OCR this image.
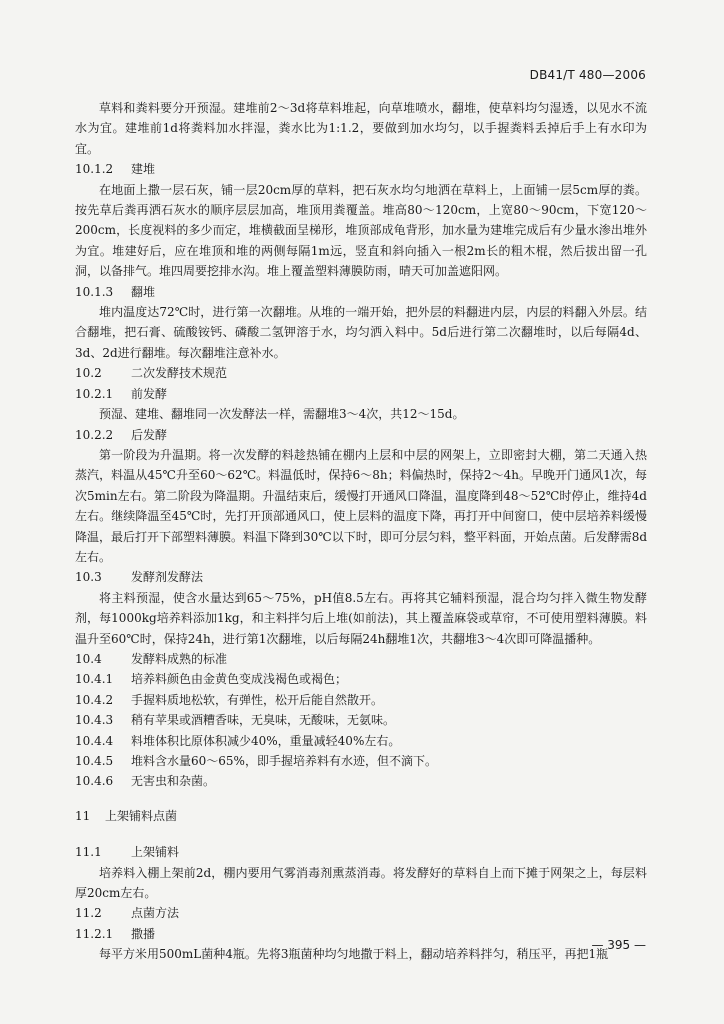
DB41/T 480—2006

草料和粪料要分开预湿。建堆前2～3d将草料堆起，向草堆喷水，翻堆，使草料均匀湿透，以见水不流水为宜。建堆前1d将粪料加水拌湿，粪水比为1:1.2，要做到加水均匀，以手握粪料丢掉后手上有水印为宜。

10.1.2 建堆

在地面上撒一层石灰，铺一层20cm厚的草料，把石灰水均匀地洒在草料上，上面铺一层5cm厚的粪。按先草后粪再洒石灰水的顺序层层加高，堆顶用粪覆盖。堆高80～120cm，上宽80～90cm，下宽120～200cm，长度视料的多少而定，堆横截面呈梯形，堆顶部成龟背形，加水量为建堆完成后有少量水渗出堆外为宜。堆建好后，应在堆顶和堆的两侧每隔1m远，竖直和斜向插入一根2m长的粗木棍，然后拔出留一孔洞，以备排气。堆四周要挖排水沟。堆上覆盖塑料薄膜防雨，晴天可加盖遮阳网。

10.1.3 翻堆

堆内温度达72℃时，进行第一次翻堆。从堆的一端开始，把外层的料翻进内层，内层的料翻入外层。结合翻堆，把石膏、硫酸铵钙、磷酸二氢钾溶于水，均匀洒入料中。5d后进行第二次翻堆时，以后每隔4d、3d、2d进行翻堆。每次翻堆注意补水。

10.2 二次发酵技术规范
10.2.1 前发酵

预湿、建堆、翻堆同一次发酵法一样，需翻堆3～4次，共12～15d。

10.2.2 后发酵

第一阶段为升温期。将一次发酵的料趁热铺在棚内上层和中层的网架上，立即密封大棚，第二天通入热蒸汽，料温从45℃升至60～62℃。料温低时，保持6～8h；料偏热时，保持2～4h。早晚开门通风1次，每次5min左右。第二阶段为降温期。升温结束后，缓慢打开通风口降温，温度降到48～52℃时停止，维持4d左右。继续降温至45℃时，先打开顶部通风口，使上层料的温度下降，再打开中间窗口，使中层培养料缓慢降温，最后打开下部塑料薄膜。料温下降到30℃以下时，即可分层匀料，整平料面，开始点菌。后发酵需8d左右。

10.3 发酵剂发酵法

将主料预湿，使含水量达到65～75%，pH值8.5左右。再将其它辅料预湿，混合均匀拌入微生物发酵剂，每1000kg培养料添加1kg，和主料拌匀后上堆(如前法)，其上覆盖麻袋或草帘，不可使用塑料薄膜。料温升至60℃时，保持24h，进行第1次翻堆，以后每隔24h翻堆1次，共翻堆3～4次即可降温播种。

10.4 发酵料成熟的标准
10.4.1 培养料颜色由金黄色变成浅褐色或褐色；
10.4.2 手握料质地松软，有弹性，松开后能自然散开。
10.4.3 稍有苹果或酒糟香味，无臭味，无酸味，无氨味。
10.4.4 料堆体积比原体积减少40%，重量减轻40%左右。
10.4.5 堆料含水量60～65%，即手握培养料有水迹，但不滴下。
10.4.6 无害虫和杂菌。
11 上架铺料点菌
11.1 上架铺料

培养料入棚上架前2d，棚内要用气雾消毒剂熏蒸消毒。将发酵好的草料自上而下摊于网架之上，每层料厚20cm左右。

11.2 点菌方法
11.2.1 撒播

每平方米用500mL菌种4瓶。先将3瓶菌种均匀地撒于料上，翻动培养料拌匀，稍压平，再把1瓶

— 395 —
